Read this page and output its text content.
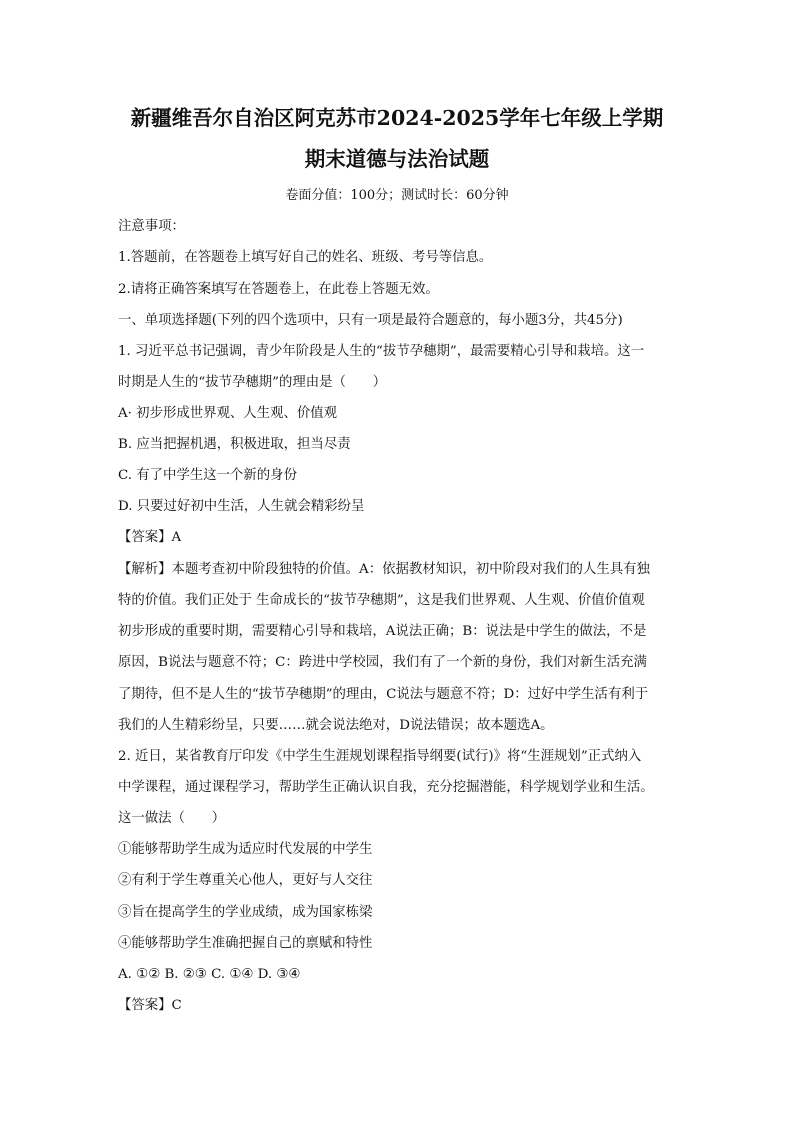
新疆维吾尔自治区阿克苏市2024-2025学年七年级上学期
期末道德与法治试题
卷面分值：100分；测试时长：60分钟
注意事项：
1.答题前，在答题卷上填写好自己的姓名、班级、考号等信息。
2.请将正确答案填写在答题卷上，在此卷上答题无效。
一、单项选择题(下列的四个选项中，只有一项是最符合题意的，每小题3分，共45分)
1. 习近平总书记强调，青少年阶段是人生的“拔节孕穗期”，最需要精心引导和栽培。这一
时期是人生的“拔节孕穗期”的理由是（　　）
A· 初步形成世界观、人生观、价值观
B. 应当把握机遇，积极进取，担当尽责
C. 有了中学生这一个新的身份
D. 只要过好初中生活，人生就会精彩纷呈
【答案】A
【解析】本题考查初中阶段独特的价值。A：依据教材知识，初中阶段对我们的人生具有独
特的价值。我们正处于 生命成长的“拔节孕穗期”，这是我们世界观、人生观、价值价值观
初步形成的重要时期，需要精心引导和栽培，A说法正确；B：说法是中学生的做法，不是
原因，B说法与题意不符；C：跨进中学校园，我们有了一个新的身份，我们对新生活充满
了期待，但不是人生的“拔节孕穗期”的理由，C说法与题意不符；D：过好中学生活有利于
我们的人生精彩纷呈，只要……就会说法绝对，D说法错误；故本题选A。
2. 近日，某省教育厅印发《中学生生涯规划课程指导纲要(试行)》将“生涯规划”正式纳入
中学课程，通过课程学习，帮助学生正确认识自我，充分挖掘潜能，科学规划学业和生活。
这一做法（　　）
①能够帮助学生成为适应时代发展的中学生
②有利于学生尊重关心他人，更好与人交往
③旨在提高学生的学业成绩，成为国家栋梁
④能够帮助学生准确把握自己的禀赋和特性
A. ①② B. ②③ C. ①④ D. ③④
【答案】C
